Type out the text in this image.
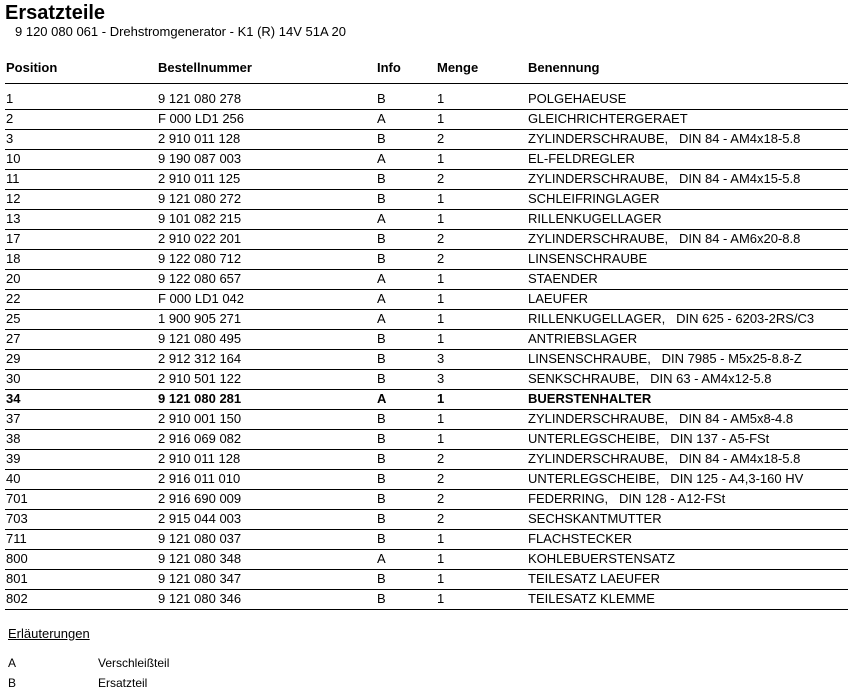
Ersatzteile
9 120 080 061 - Drehstromgenerator - K1 (R) 14V 51A 20
Position	Bestellnummer	Info	Menge	Benennung
1	9 121 080 278	B	1	POLGEHAEUSE
2	F 000 LD1 256	A	1	GLEICHRICHTERGERAET
3	2 910 011 128	B	2	ZYLINDERSCHRAUBE,   DIN 84 - AM4x18-5.8
10	9 190 087 003	A	1	EL-FELDREGLER
11	2 910 011 125	B	2	ZYLINDERSCHRAUBE,   DIN 84 - AM4x15-5.8
12	9 121 080 272	B	1	SCHLEIFRINGLAGER
13	9 101 082 215	A	1	RILLENKUGELLAGER
17	2 910 022 201	B	2	ZYLINDERSCHRAUBE,   DIN 84 - AM6x20-8.8
18	9 122 080 712	B	2	LINSENSCHRAUBE
20	9 122 080 657	A	1	STAENDER
22	F 000 LD1 042	A	1	LAEUFER
25	1 900 905 271	A	1	RILLENKUGELLAGER,   DIN 625 - 6203-2RS/C3
27	9 121 080 495	B	1	ANTRIEBSLAGER
29	2 912 312 164	B	3	LINSENSCHRAUBE,   DIN 7985 - M5x25-8.8-Z
30	2 910 501 122	B	3	SENKSCHRAUBE,   DIN 63 - AM4x12-5.8
34	9 121 080 281	A	1	BUERSTENHALTER
37	2 910 001 150	B	1	ZYLINDERSCHRAUBE,   DIN 84 - AM5x8-4.8
38	2 916 069 082	B	1	UNTERLEGSCHEIBE,   DIN 137 - A5-FSt
39	2 910 011 128	B	2	ZYLINDERSCHRAUBE,   DIN 84 - AM4x18-5.8
40	2 916 011 010	B	2	UNTERLEGSCHEIBE,   DIN 125 - A4,3-160 HV
701	2 916 690 009	B	2	FEDERRING,   DIN 128 - A12-FSt
703	2 915 044 003	B	2	SECHSKANTMUTTER
711	9 121 080 037	B	1	FLACHSTECKER
800	9 121 080 348	A	1	KOHLEBUERSTENSATZ
801	9 121 080 347	B	1	TEILESATZ LAEUFER
802	9 121 080 346	B	1	TEILESATZ KLEMME
Erläuterungen
A	Verschleißteil
B	Ersatzteil
